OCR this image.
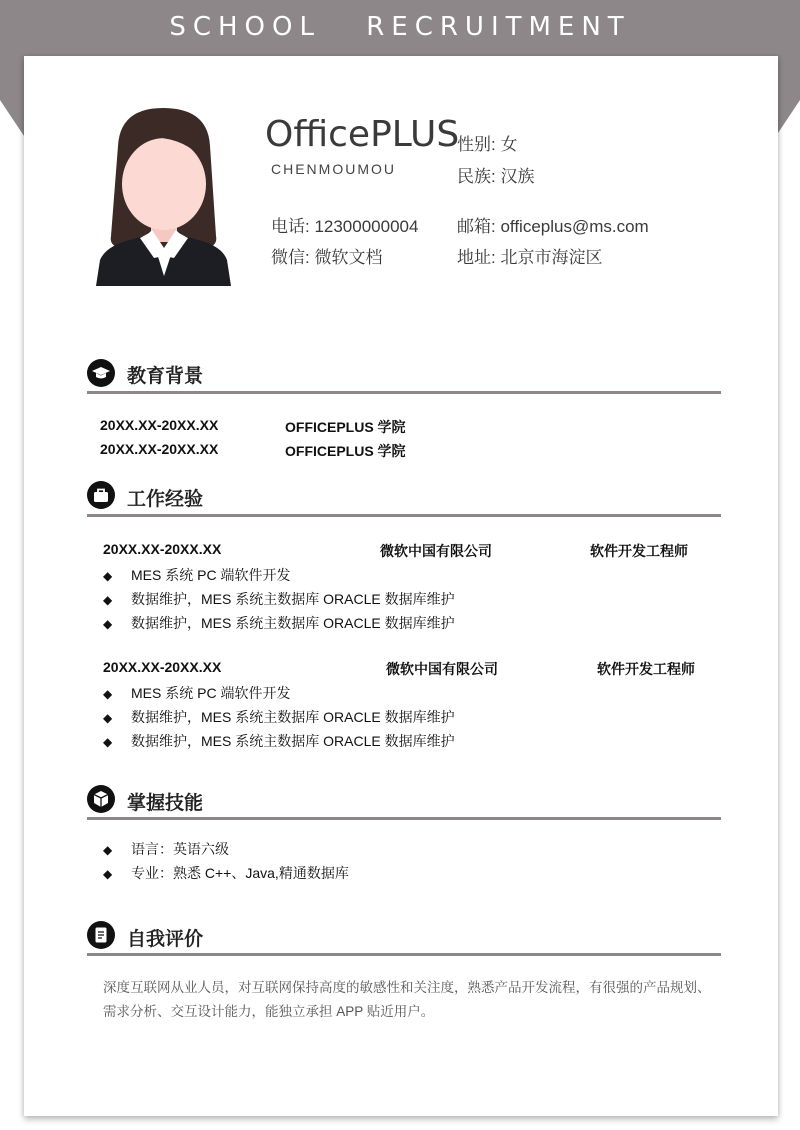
SCHOOL RECRUITMENT
OfficePLUS
CHENMOUMOU
性别: 女
民族: 汉族
电话: 12300000004
微信: 微软文档
邮箱: officeplus@ms.com
地址: 北京市海淀区
教育背景
20XX.XX-20XX.XX	OFFICEPLUS 学院
20XX.XX-20XX.XX	OFFICEPLUS 学院
工作经验
20XX.XX-20XX.XX	微软中国有限公司	软件开发工程师
◆ MES 系统 PC 端软件开发
◆ 数据维护，MES 系统主数据库 ORACLE 数据库维护
◆ 数据维护，MES 系统主数据库 ORACLE 数据库维护
20XX.XX-20XX.XX	微软中国有限公司	软件开发工程师
◆ MES 系统 PC 端软件开发
◆ 数据维护，MES 系统主数据库 ORACLE 数据库维护
◆ 数据维护，MES 系统主数据库 ORACLE 数据库维护
掌握技能
◆ 语言：英语六级
◆ 专业：熟悉 C++、Java,精通数据库
自我评价
深度互联网从业人员，对互联网保持高度的敏感性和关注度，熟悉产品开发流程，有很强的产品规划、需求分析、交互设计能力，能独立承担 APP 贴近用户。
